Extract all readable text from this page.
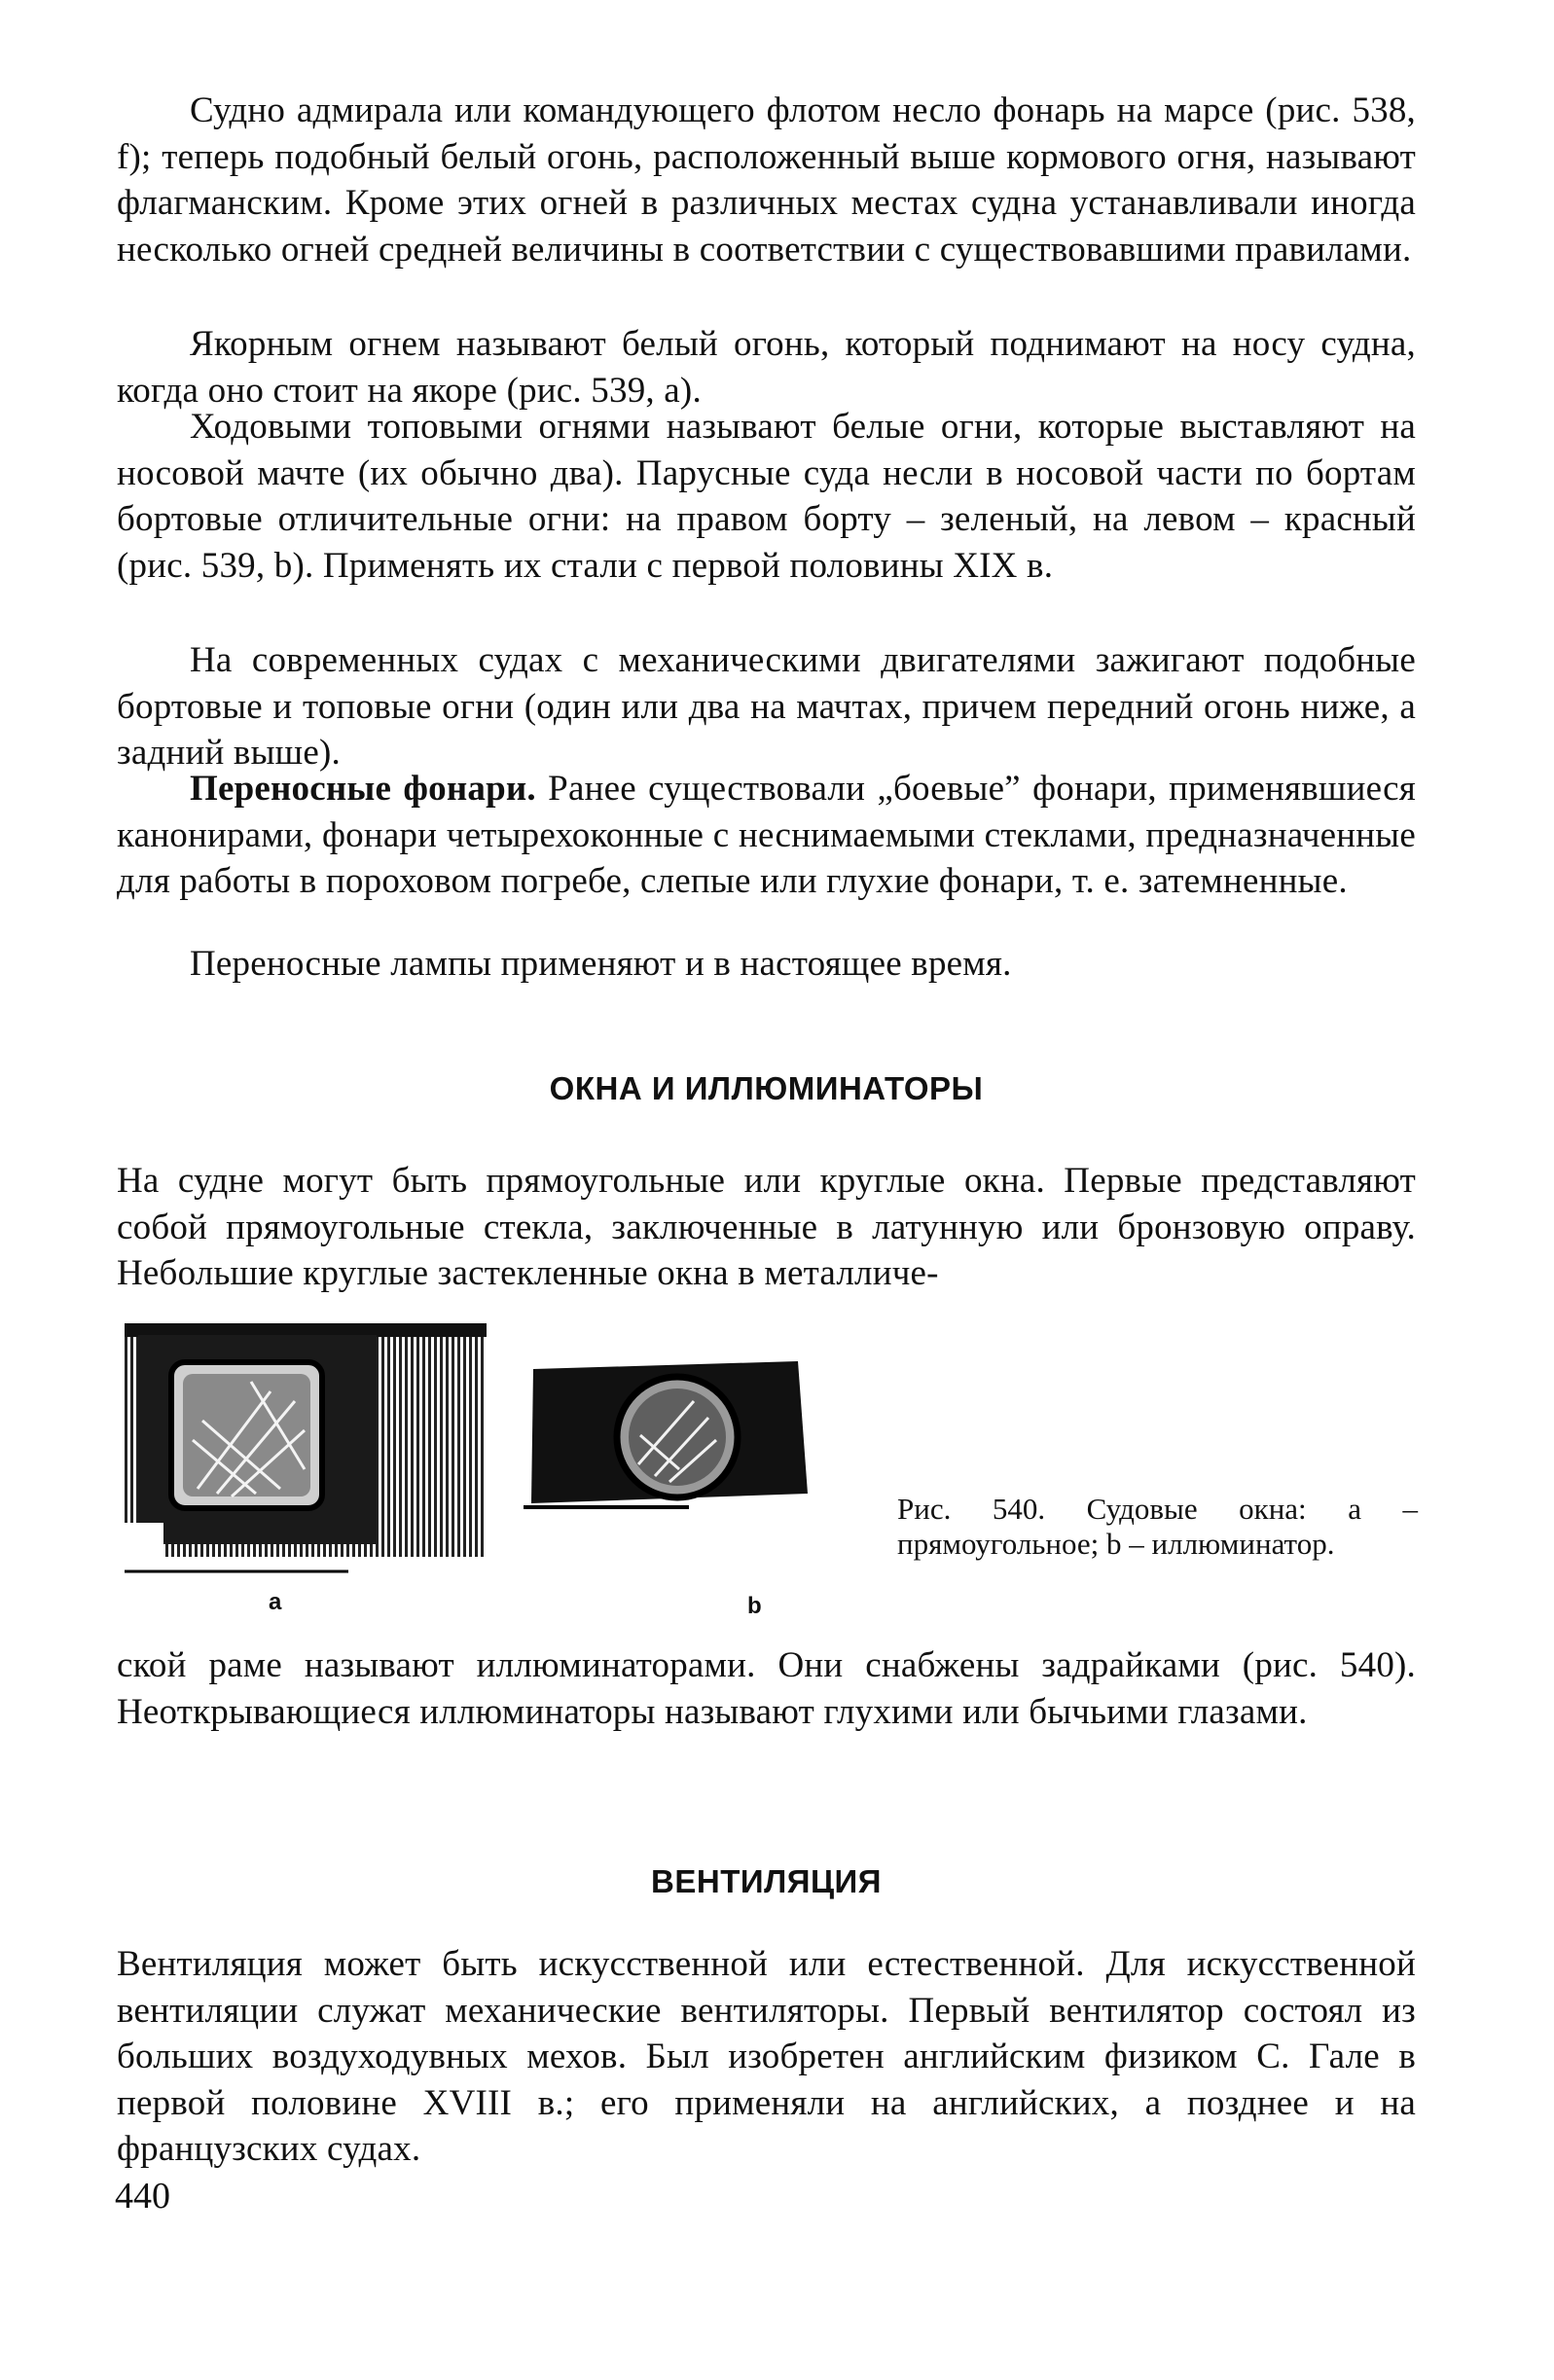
Судно адмирала или командующего флотом несло фонарь на марсе (рис. 538, f); теперь подобный белый огонь, расположенный выше кормового огня, называют флагманским. Кроме этих огней в различных местах судна устанавливали иногда несколько огней средней величины в соответствии с существовавшими правилами.

Якорным огнем называют белый огонь, который поднимают на носу судна, когда оно стоит на якоре (рис. 539, a).

Ходовыми топовыми огнями называют белые огни, которые выставляют на носовой мачте (их обычно два). Парусные суда несли в носовой части по бортам бортовые отличительные огни: на правом борту – зеленый, на левом – красный (рис. 539, b). Применять их стали с первой половины XIX в.

На современных судах с механическими двигателями зажигают подобные бортовые и топовые огни (один или два на мачтах, причем передний огонь ниже, а задний выше).

Переносные фонари. Ранее существовали „боевые” фонари, применявшиеся канонирами, фонари четырехоконные с неснимаемыми стеклами, предназначенные для работы в пороховом погребе, слепые или глухие фонари, т. е. затемненные.

Переносные лампы применяют и в настоящее время.

ОКНА И ИЛЛЮМИНАТОРЫ

На судне могут быть прямоугольные или круглые окна. Первые представляют собой прямоугольные стекла, заключенные в латунную или бронзовую оправу. Небольшие круглые застекленные окна в металличе-

a	b

Рис. 540. Судовые окна: a – прямоугольное; b – иллюминатор.

ской раме называют иллюминаторами. Они снабжены задрайками (рис. 540). Неоткрывающиеся иллюминаторы называют глухими или бычьими глазами.

ВЕНТИЛЯЦИЯ

Вентиляция может быть искусственной или естественной. Для искусственной вентиляции служат механические вентиляторы. Первый вентилятор состоял из больших воздуходувных мехов. Был изобретен английским физиком С. Гале в первой половине XVIII в.; его применяли на английских, а позднее и на французских судах.

440
